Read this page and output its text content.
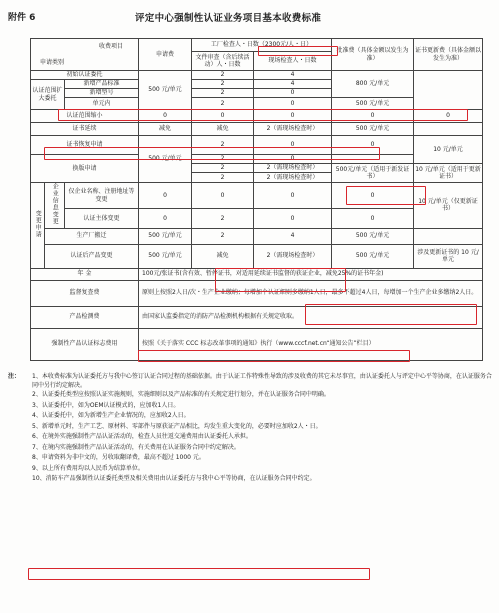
附件 6	评定中心强制性认证业务项目基本收费标准
收费项目
申请类别			申请费	工厂检查人・日数（2300元/人・日）		批准费（具体金额以发生为准）	证书更新费（具体金额以发生为准）
				文件审查（含后续活动）人・日数	现场检查人・日数		
初始认证委托			500 元/单元	2	4	800 元/单元	
认证范围扩大委托		新增产品标准		2	4		
		新增型号		2	0		
		单元内		2	0	500 元/单元	
认证范围缩小			0	0	0	0	0
证书延续			减免	减免	2（需现场检查时）	500 元/单元	
证书恢复申请			500 元/单元	2	0	0	10 元/单元
换版申请				2	0		
				2	2（需现场检查时）	500元/单元（适用于新发证书）	10 元/单元（适用于更新证书）
				2	2（需现场检查时）		
变更申请	企业信息变更	仅企业名称、注册地址等变更	0	0	0	0	10 元/单元（仅更新证书）
		认证主体变更	0	2	0	0	
	生产厂搬迁		500 元/单元	2	4	500 元/单元	
	认证后产品变更		500 元/单元	减免	2（需现场检查时）	500 元/单元	涉及更新证书的 10 元/单元
年 金			100元/张证书(含有效、暂停证书，对适用延续证书监督的获证企业，减免25%的证书年金)				
监督复查费			原则上按照2人日/次・生产企业缴纳；每增加个认证细则多缴纳1人日，最多不超过4人日，每增加一个生产企业多缴纳2人日。				
产品检测费			由国家认监委指定的消防产品检测机构根据有关规定收取。				
强制性产品认证标志费用			按照《关于落实 CCC 标志改革事项的通知》执行（www.cccf.net.cn“通知公告”栏目）				
注：	1、本收费标准为认证委托方与我中心签订认证合同过程的基础依据。由于认证工作特殊性导致的涉及收费的其它未尽事宜，由认证委托人与评定中心平等协商，在认证服务合同中另行约定解决。
2、认证委托类型应按照认证实施规则，实施细则以及产品标准的有关规定进行划分，并在认证服务合同中明确。
3、认证委托中，如为OEM认证模式的，应加收1人日。
4、认证委托中，如为新增生产企业情况的，应加收2人日。
5、新增单元时，生产工艺、原材料、零部件与原获证产品相比，均发生重大变化的，必要时应加收2人・日。
6、在境外实施强制性产品认证活动的，检查人员往返交通费用由认证委托人承担。
7、在境内实施强制性产品认证活动的，有关费用在认证服务合同中约定解决。
8、申请资料为非中文的，另收取翻译费，最高不超过 1000 元。
9、以上所有费用均以人民币为结算单位。
10、消防车产品强制性认证委托类型及相关费用由认证委托方与我中心平等协商，在认证服务合同中约定。
